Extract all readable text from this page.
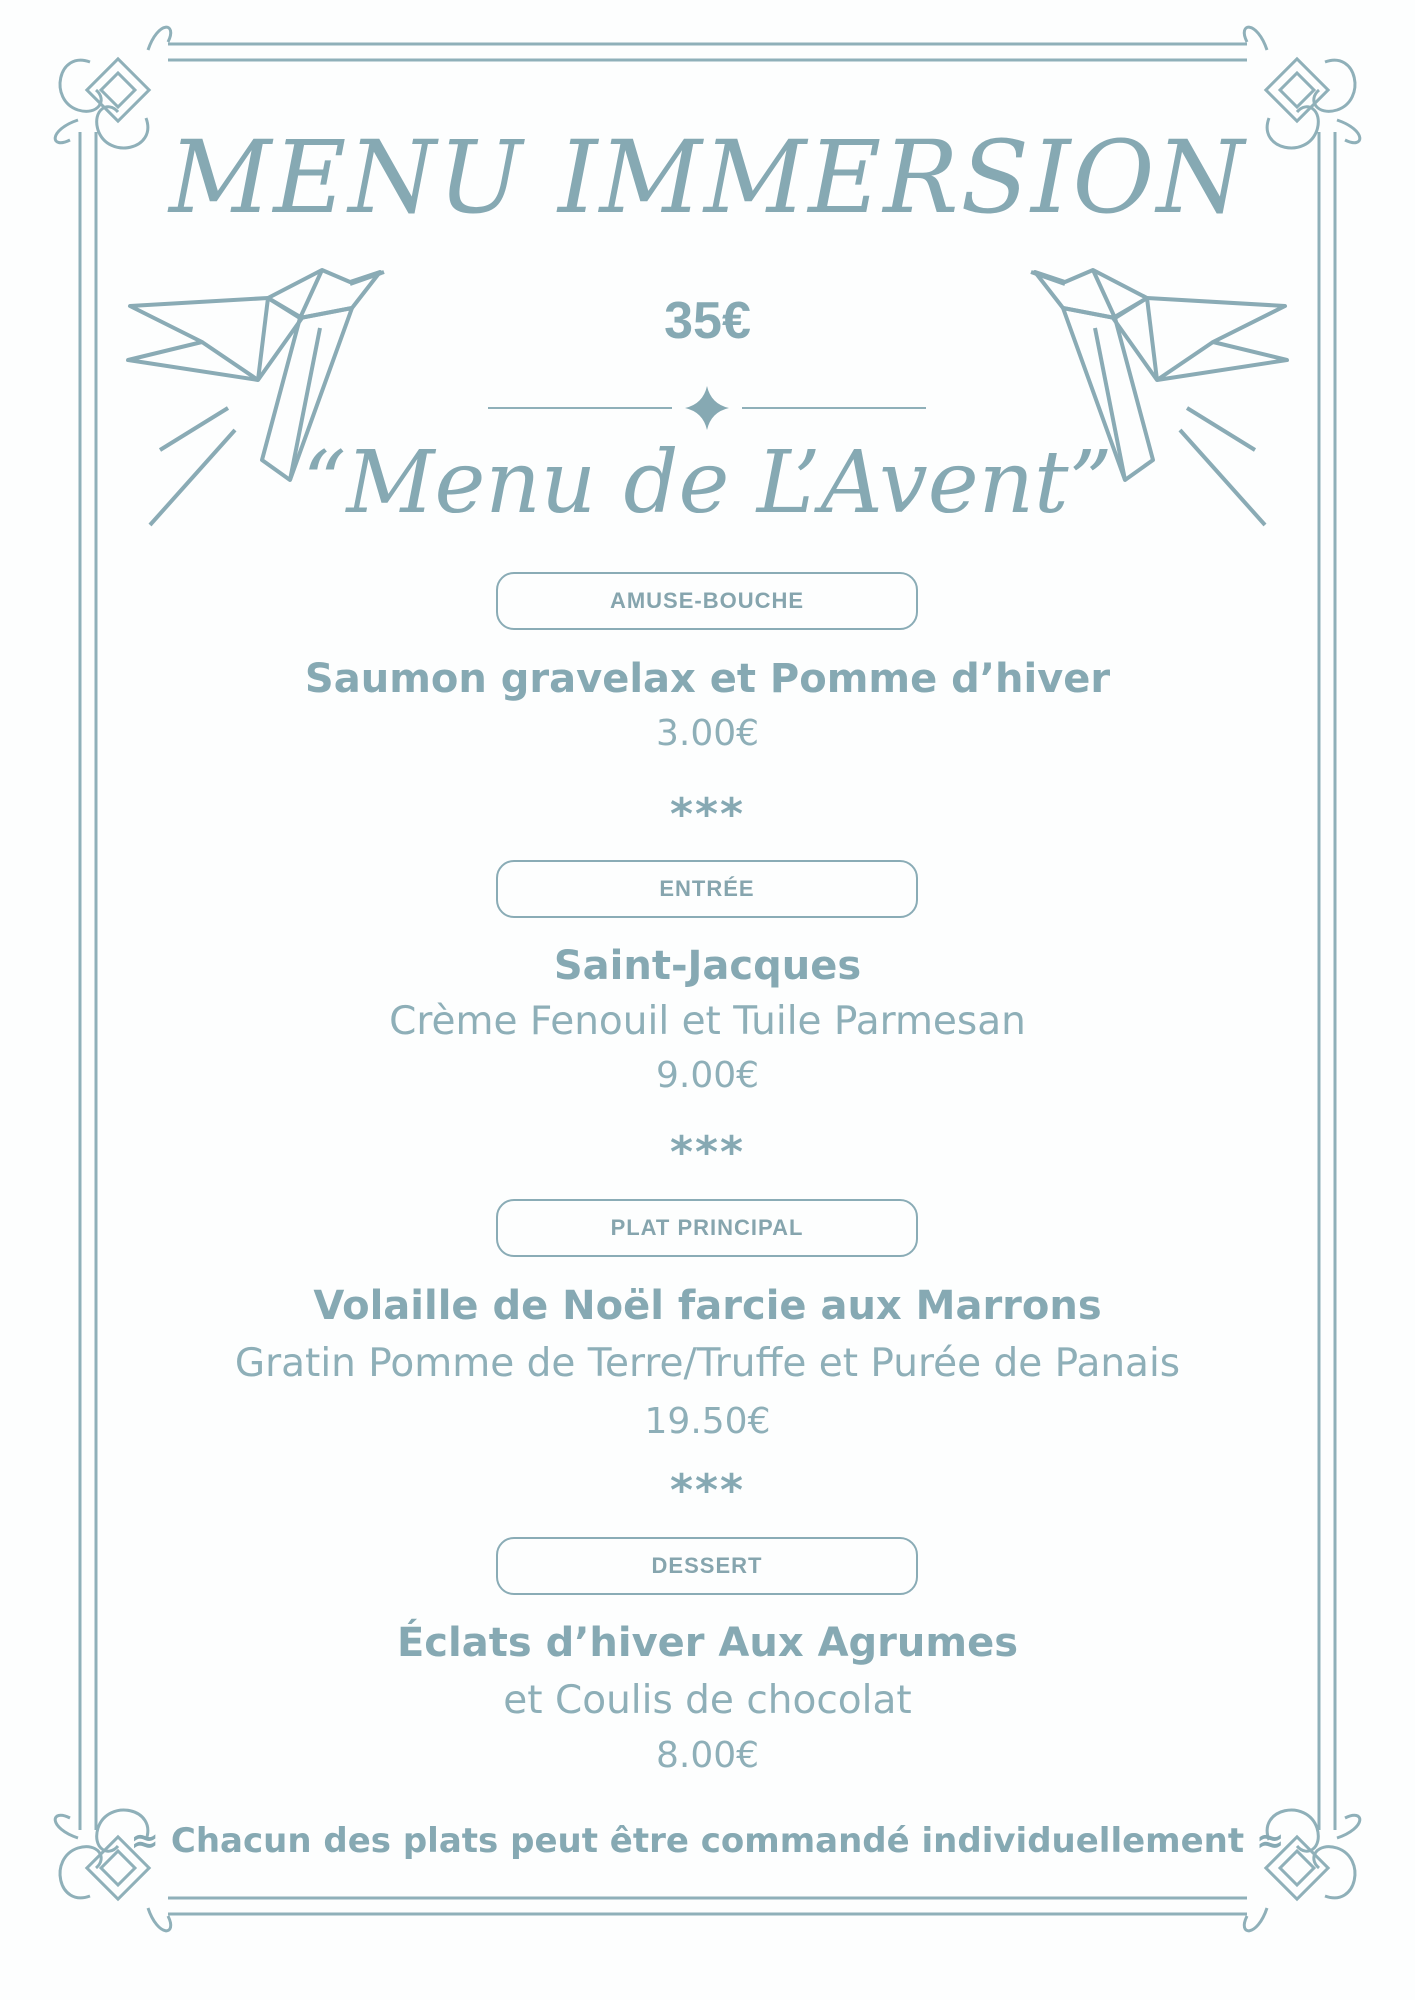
MENU IMMERSION
35€
“Menu de L’Avent”
AMUSE-BOUCHE
Saumon gravelax et Pomme d’hiver
3.00€
***
ENTRÉE
Saint-Jacques
Crème Fenouil et Tuile Parmesan
9.00€
***
PLAT PRINCIPAL
Volaille de Noël farcie aux Marrons
Gratin Pomme de Terre/Truffe et Purée de Panais
19.50€
***
DESSERT
Éclats d’hiver Aux Agrumes
et Coulis de chocolat
8.00€
≈ Chacun des plats peut être commandé individuellement ≈
